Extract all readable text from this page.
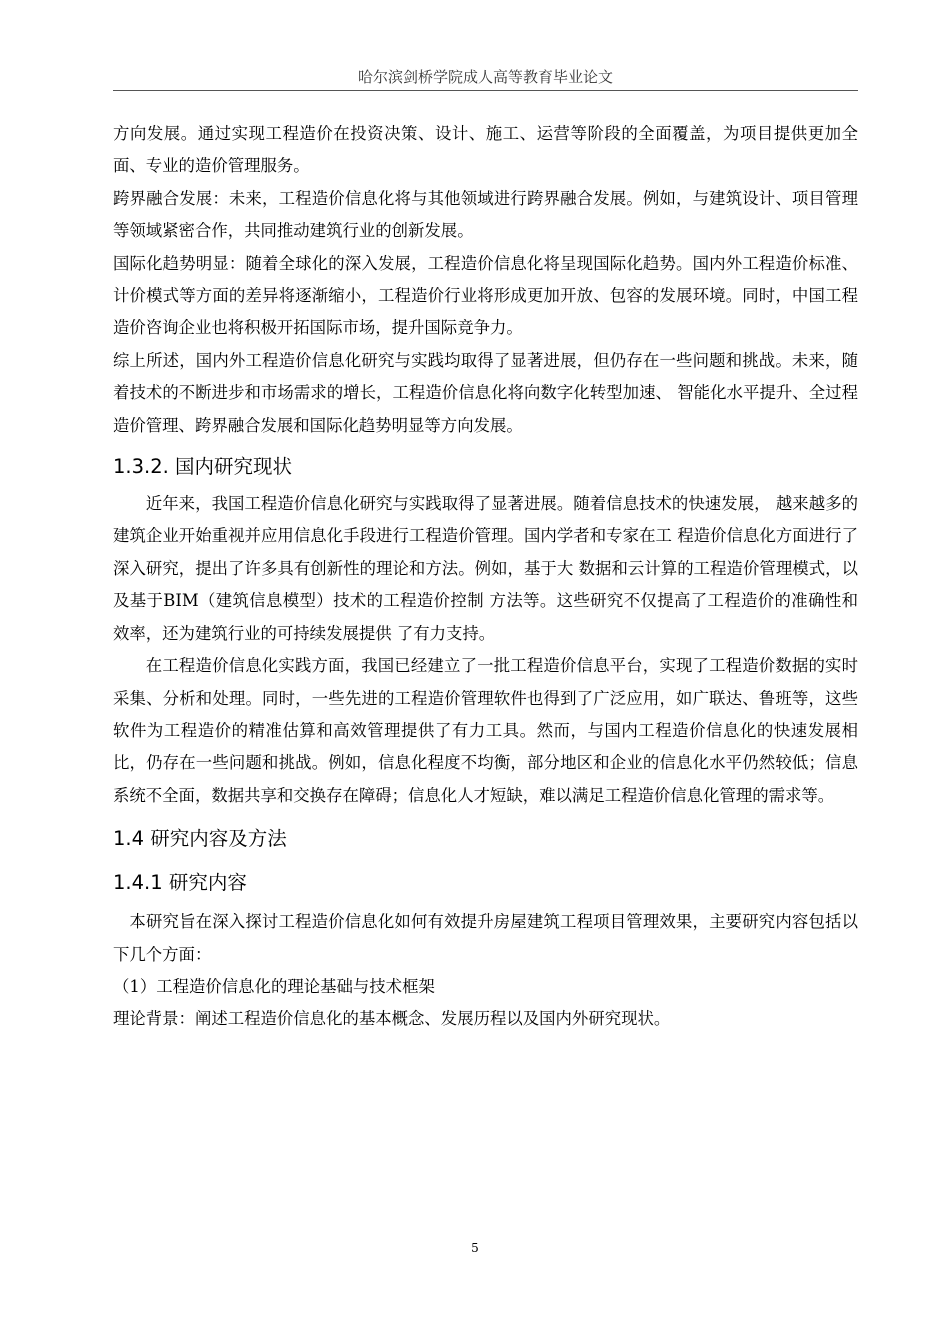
哈尔滨剑桥学院成人高等教育毕业论文

方向发展。通过实现工程造价在投资决策、设计、施工、运营等阶段的全面覆盖，为项目提供更加全面、专业的造价管理服务。

跨界融合发展：未来，工程造价信息化将与其他领域进行跨界融合发展。例如，与建筑设计、项目管理等领域紧密合作，共同推动建筑行业的创新发展。

国际化趋势明显：随着全球化的深入发展，工程造价信息化将呈现国际化趋势。国内外工程造价标准、计价模式等方面的差异将逐渐缩小，工程造价行业将形成更加开放、包容的发展环境。同时，中国工程造价咨询企业也将积极开拓国际市场，提升国际竞争力。

综上所述，国内外工程造价信息化研究与实践均取得了显著进展，但仍存在一些问题和挑战。未来，随着技术的不断进步和市场需求的增长，工程造价信息化将向数字化转型加速、 智能化水平提升、全过程造价管理、跨界融合发展和国际化趋势明显等方向发展。

1.3.2. 国内研究现状

近年来，我国工程造价信息化研究与实践取得了显著进展。随着信息技术的快速发展， 越来越多的建筑企业开始重视并应用信息化手段进行工程造价管理。国内学者和专家在工 程造价信息化方面进行了深入研究，提出了许多具有创新性的理论和方法。例如，基于大 数据和云计算的工程造价管理模式，以及基于BIM（建筑信息模型）技术的工程造价控制 方法等。这些研究不仅提高了工程造价的准确性和效率，还为建筑行业的可持续发展提供 了有力支持。

在工程造价信息化实践方面，我国已经建立了一批工程造价信息平台，实现了工程造价数据的实时采集、分析和处理。同时，一些先进的工程造价管理软件也得到了广泛应用，如广联达、鲁班等，这些软件为工程造价的精准估算和高效管理提供了有力工具。然而，与国内工程造价信息化的快速发展相比，仍存在一些问题和挑战。例如，信息化程度不均衡，部分地区和企业的信息化水平仍然较低；信息系统不全面，数据共享和交换存在障碍；信息化人才短缺，难以满足工程造价信息化管理的需求等。

1.4 研究内容及方法
1.4.1 研究内容

本研究旨在深入探讨工程造价信息化如何有效提升房屋建筑工程项目管理效果，主要研究内容包括以下几个方面：

（1）工程造价信息化的理论基础与技术框架

理论背景：阐述工程造价信息化的基本概念、发展历程以及国内外研究现状。

5
